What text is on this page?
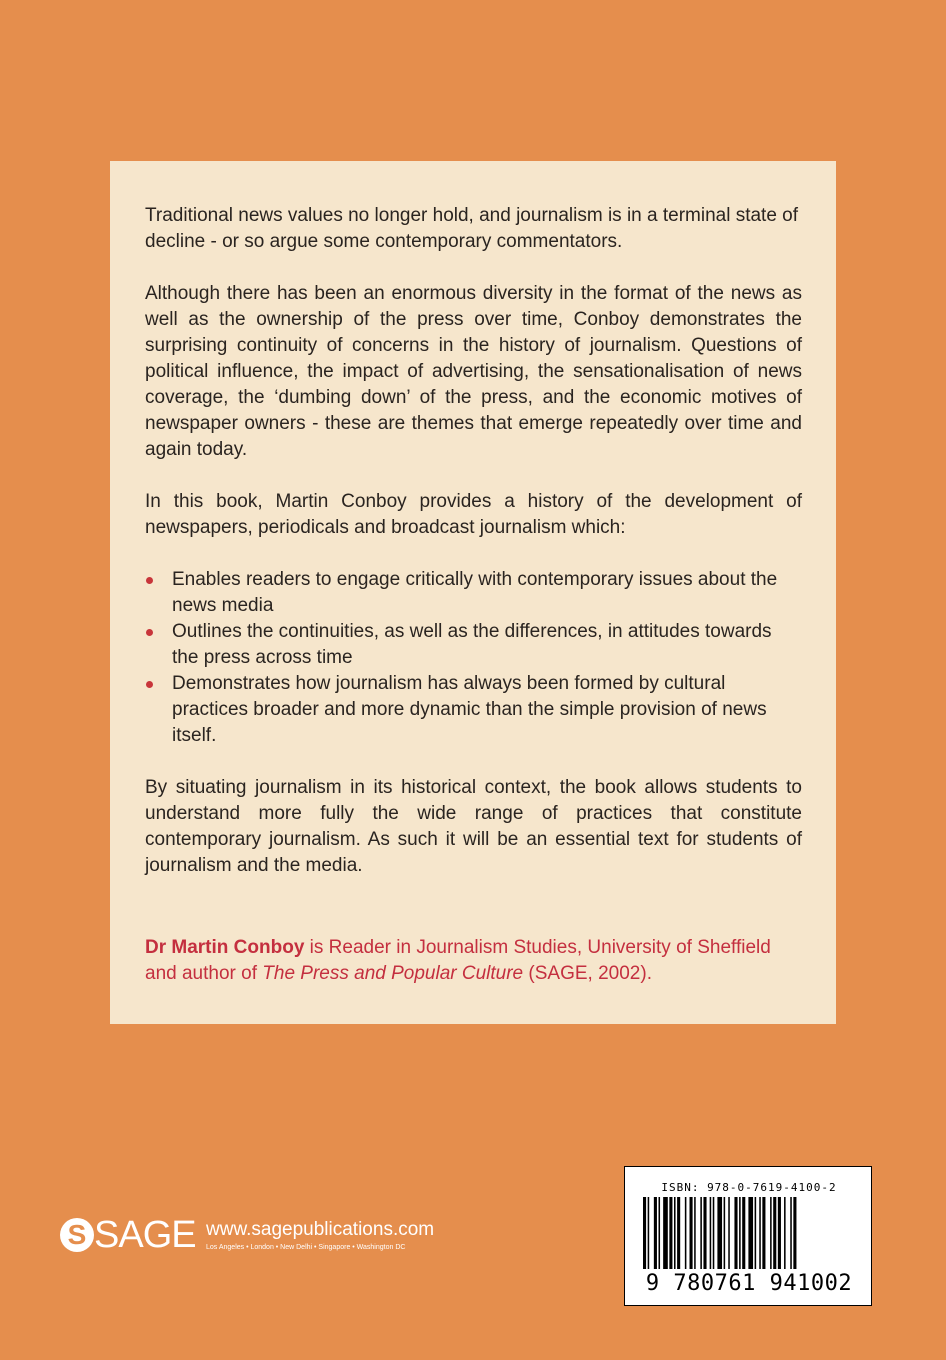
Traditional news values no longer hold, and journalism is in a terminal state of decline - or so argue some contemporary commentators.

Although there has been an enormous diversity in the format of the news as well as the ownership of the press over time, Conboy demonstrates the surprising continuity of concerns in the history of journalism. Questions of political influence, the impact of advertising, the sensationalisation of news coverage, the ‘dumbing down’ of the press, and the economic motives of newspaper owners - these are themes that emerge repeatedly over time and again today.

In this book, Martin Conboy provides a history of the development of newspapers, periodicals and broadcast journalism which:

Enables readers to engage critically with contemporary issues about the news media
Outlines the continuities, as well as the differences, in attitudes towards the press across time
Demonstrates how journalism has always been formed by cultural practices broader and more dynamic than the simple provision of news itself.

By situating journalism in its historical context, the book allows students to understand more fully the wide range of practices that constitute contemporary journalism. As such it will be an essential text for students of journalism and the media.

Dr Martin Conboy is Reader in Journalism Studies, University of Sheffield and author of The Press and Popular Culture (SAGE, 2002).

S SAGE www.sagepublications.com
Los Angeles • London • New Delhi • Singapore • Washington DC
ISBN: 978-0-7619-4100-2
9 780761 941002
